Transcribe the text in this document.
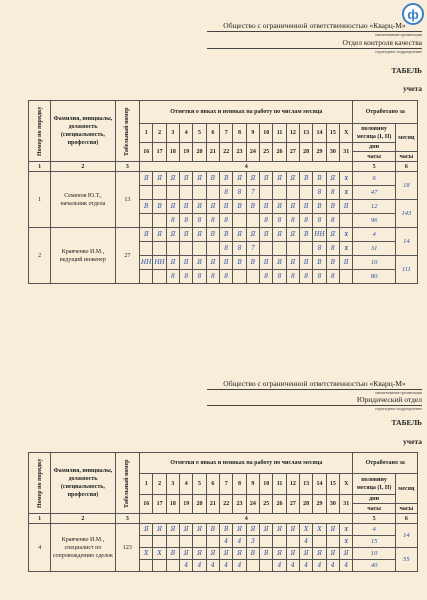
ф
Общество с ограниченной ответственностью «Кварц-М»
наименование организации
Отдел контроля качества
структурное подразделение
ТАБЕЛЬ
учета
Общество с ограниченной ответственностью «Кварц-М»
наименование организации
Юридический отдел
структурное подразделение
ТАБЕЛЬ
учета
Номер по порядку	Фамилия, инициалы, должность (специальность, профессия)	Табельный номер	Отметки о явках и неявках на работу по числам месяца																Отработано за	
			1	2	3	4	5	6	7	8	9	10	11	12	13	14	15	X	половину месяца (I, II)	месяц
			16	17	18	19	20	21	22	23	24	25	26	27	28	29	30	31	дни	
																			часы	часы
1	2	3	4																5	6
1	Семенов Ю.Т., начальник отдела	13	Я	Я	Я	Я	Я	В	В	Я	Я	Я	Я	Я	В	В	Я	X	6	18
									8	8	7					8	8	X	47	
			В	В	Я	Я	Я	Я	Я	В	В	Я	Я	Я	Я	В	В	Я	12	143
					8	8	8	8	8			8	8	8	8	8	8		96	
2	Кравченко И.М., ведущий инженер	27	Я	Я	Я	Я	Я	В	В	Я	Я	Я	Я	Я	В	НН	Я	X	4	14
									8	8	7					8	8	X	31	
			НН	НН	Я	Я	Я	Я	Я	В	В	Я	Я	Я	Я	В	В	Я	10	111
					8	8	8	8	8			8	8	8	8	8	8		80	
Номер по порядку	Фамилия, инициалы, должность (специальность, профессия)	Табельный номер	Отметки о явках и неявках на работу по числам месяца																Отработано за	
			1	2	3	4	5	6	7	8	9	10	11	12	13	14	15	X	половину месяца (I, II)	месяц
			16	17	18	19	20	21	22	23	24	25	26	27	28	29	30	31	дни	
																			часы	часы
1	2	3	4																5	6
4	Кравченко И.М., специалист по сопровождению сделок	123	Я	Я	Я	Я	Я	В	В	Я	Я	Я	Я	Я	Х	Х	Я	X	4	14
									4	4	3				4			X	15	
			Х	Х	В	Я	Я	Я	Я	Я	В	В	Я	Я	Я	Я	Я	Я	10	55
						4	4	4	4	4			4	4	4	4	4	4	40	
